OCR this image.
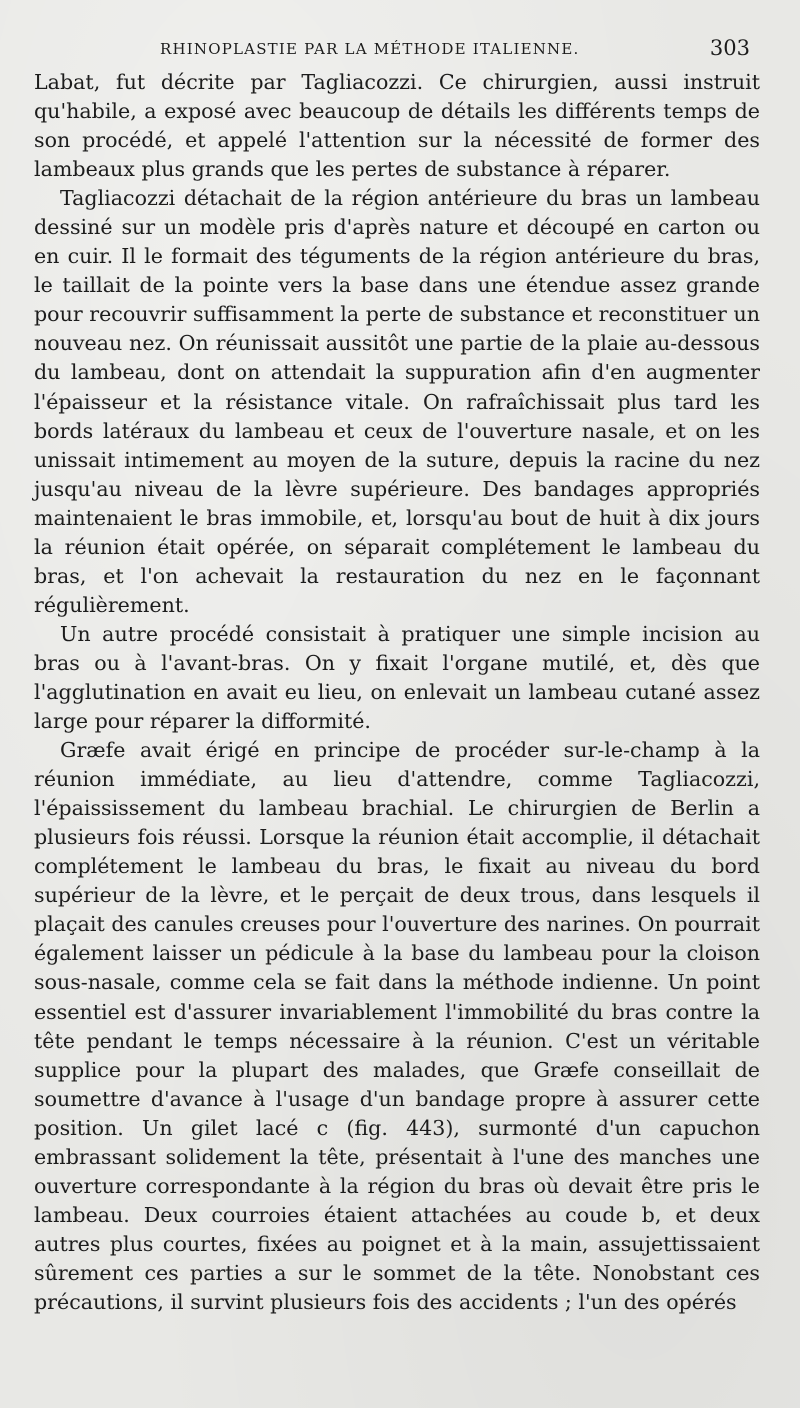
RHINOPLASTIE PAR LA MÉTHODE ITALIENNE.	303

Labat, fut décrite par Tagliacozzi. Ce chirurgien, aussi instruit qu'habile, a exposé avec beaucoup de détails les différents temps de son procédé, et appelé l'attention sur la nécessité de former des lambeaux plus grands que les pertes de substance à réparer.

Tagliacozzi détachait de la région antérieure du bras un lambeau dessiné sur un modèle pris d'après nature et découpé en carton ou en cuir. Il le formait des téguments de la région antérieure du bras, le taillait de la pointe vers la base dans une étendue assez grande pour recouvrir suffisamment la perte de substance et reconstituer un nouveau nez. On réunissait aussitôt une partie de la plaie au-dessous du lambeau, dont on attendait la suppuration afin d'en augmenter l'épaisseur et la résistance vitale. On rafraîchissait plus tard les bords latéraux du lambeau et ceux de l'ouverture nasale, et on les unissait intimement au moyen de la suture, depuis la racine du nez jusqu'au niveau de la lèvre supérieure. Des bandages appropriés maintenaient le bras immobile, et, lorsqu'au bout de huit à dix jours la réunion était opérée, on séparait complétement le lambeau du bras, et l'on achevait la restauration du nez en le façonnant régulièrement.

Un autre procédé consistait à pratiquer une simple incision au bras ou à l'avant-bras. On y fixait l'organe mutilé, et, dès que l'agglutination en avait eu lieu, on enlevait un lambeau cutané assez large pour réparer la difformité.

Græfe avait érigé en principe de procéder sur-le-champ à la réunion immédiate, au lieu d'attendre, comme Tagliacozzi, l'épaississement du lambeau brachial. Le chirurgien de Berlin a plusieurs fois réussi. Lorsque la réunion était accomplie, il détachait complétement le lambeau du bras, le fixait au niveau du bord supérieur de la lèvre, et le perçait de deux trous, dans lesquels il plaçait des canules creuses pour l'ouverture des narines. On pourrait également laisser un pédicule à la base du lambeau pour la cloison sous-nasale, comme cela se fait dans la méthode indienne. Un point essentiel est d'assurer invariablement l'immobilité du bras contre la tête pendant le temps nécessaire à la réunion. C'est un véritable supplice pour la plupart des malades, que Græfe conseillait de soumettre d'avance à l'usage d'un bandage propre à assurer cette position. Un gilet lacé c (fig. 443), surmonté d'un capuchon embrassant solidement la tête, présentait à l'une des manches une ouverture correspondante à la région du bras où devait être pris le lambeau. Deux courroies étaient attachées au coude b, et deux autres plus courtes, fixées au poignet et à la main, assujettissaient sûrement ces parties a sur le sommet de la tête. Nonobstant ces précautions, il survint plusieurs fois des accidents ; l'un des opérés
